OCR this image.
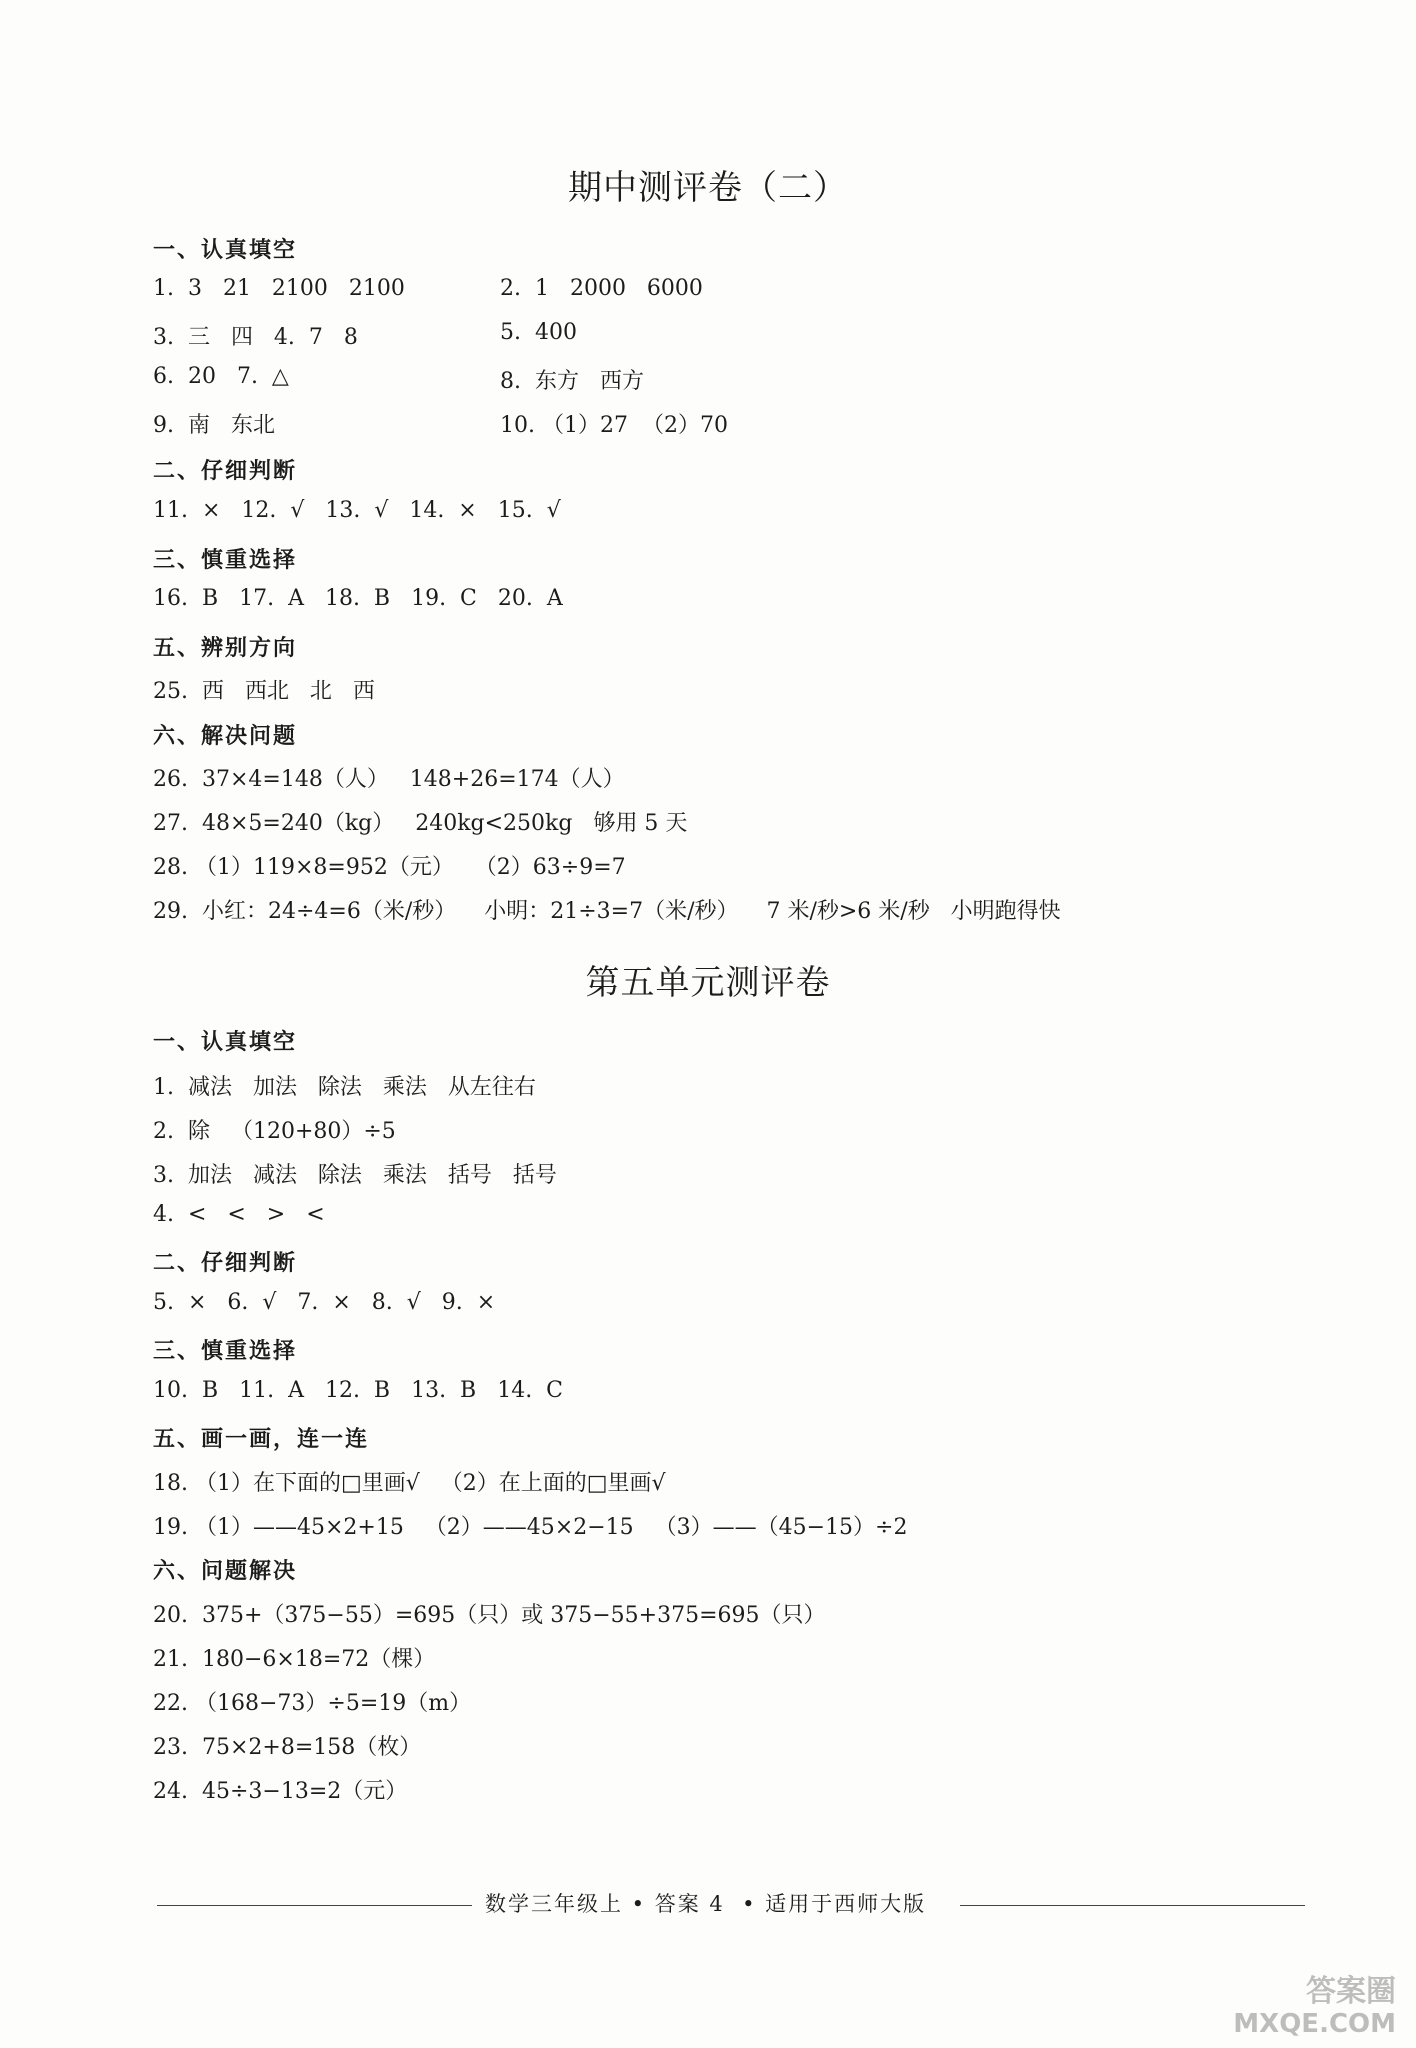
期中测评卷（二）
一、认真填空
1.  3   21   2100   2100	2.  1   2000   6000
3.  三   四   4.  7   8	5.  400
6.  20   7.  △	8.  东方   西方
9.  南   东北	10. （1）27  （2）70
二、仔细判断
11.  ×   12.  √   13.  √   14.  ×   15.  √
三、慎重选择
16.  B   17.  A   18.  B   19.  C   20.  A
五、辨别方向
25.  西   西北   北   西
六、解决问题
26.  37×4=148（人）   148+26=174（人）
27.  48×5=240（kg）   240kg<250kg   够用 5 天
28. （1）119×8=952（元）   （2）63÷9=7
29.  小红：24÷4=6（米/秒）    小明：21÷3=7（米/秒）    7 米/秒>6 米/秒   小明跑得快
第五单元测评卷
一、认真填空
1.  减法   加法   除法   乘法   从左往右
2.  除   （120+80）÷5
3.  加法   减法   除法   乘法   括号   括号
4.  <   <   >   <
二、仔细判断
5.  ×   6.  √   7.  ×   8.  √   9.  ×
三、慎重选择
10.  B   11.  A   12.  B   13.  B   14.  C
五、画一画，连一连
18. （1）在下面的□里画√   （2）在上面的□里画√
19. （1）——45×2+15   （2）——45×2−15   （3）——（45−15）÷2
六、问题解决
20.  375+（375−55）=695（只）或 375−55+375=695（只）
21.  180−6×18=72（棵）
22. （168−73）÷5=19（m）
23.  75×2+8=158（枚）
24.  45÷3−13=2（元）
数学三年级上 • 答案 4  • 适用于西师大版
答案圈
MXQE.COM
